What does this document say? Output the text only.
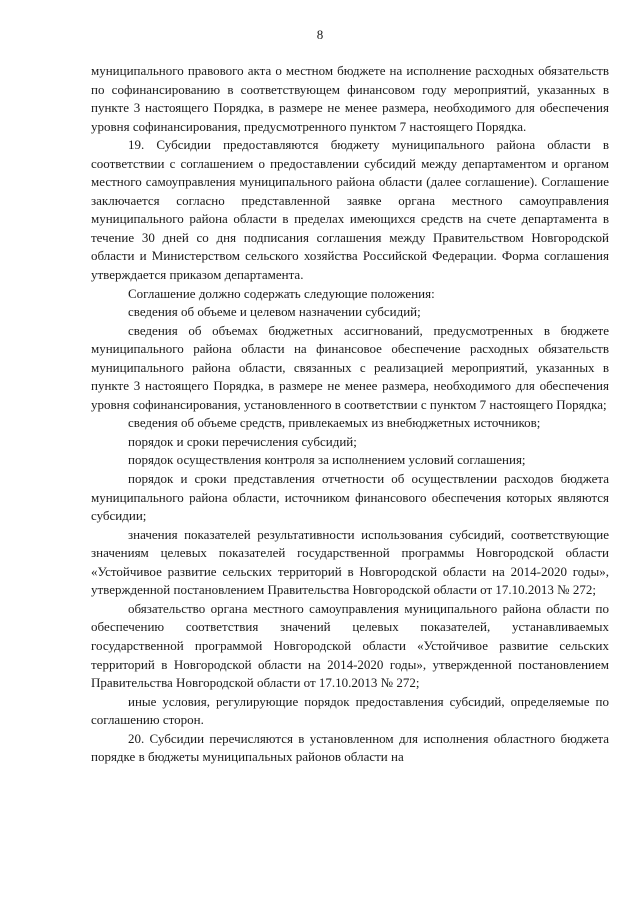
8

муниципального правового акта о местном бюджете на исполнение расходных обязательств по софинансированию в соответствующем финансовом году мероприятий, указанных в пункте 3 настоящего Порядка, в размере не менее размера, необходимого для обеспечения уровня софинансирования, предусмотренного пунктом 7 настоящего Порядка.

19. Субсидии предоставляются бюджету муниципального района области в соответствии с соглашением о предоставлении субсидий между департаментом и органом местного самоуправления муниципального района области (далее соглашение). Соглашение заключается согласно представленной заявке органа местного самоуправления муниципального района области в пределах имеющихся средств на счете департамента в течение 30 дней со дня подписания соглашения между Правительством Новгородской области и Министерством сельского хозяйства Российской Федерации. Форма соглашения утверждается приказом департамента.

Соглашение должно содержать следующие положения:

сведения об объеме и целевом назначении субсидий;

сведения об объемах бюджетных ассигнований, предусмотренных в бюджете муниципального района области на финансовое обеспечение расходных обязательств муниципального района области, связанных с реализацией мероприятий, указанных в пункте 3 настоящего Порядка, в размере не менее размера, необходимого для обеспечения уровня софинансирования, установленного в соответствии с пунктом 7 настоящего Порядка;

сведения об объеме средств, привлекаемых из внебюджетных источников;

порядок и сроки перечисления субсидий;

порядок осуществления контроля за исполнением условий соглашения;

порядок и сроки представления отчетности об осуществлении расходов бюджета муниципального района области, источником финансового обеспечения которых являются субсидии;

значения показателей результативности использования субсидий, соответствующие значениям целевых показателей государственной программы Новгородской области «Устойчивое развитие сельских территорий в Новгородской области на 2014-2020 годы», утвержденной постановлением Правительства Новгородской области от 17.10.2013 № 272;

обязательство органа местного самоуправления муниципального района области по обеспечению соответствия значений целевых показателей, устанавливаемых государственной программой Новгородской области «Устойчивое развитие сельских территорий в Новгородской области на 2014-2020 годы», утвержденной постановлением Правительства Новгородской области от 17.10.2013 № 272;

иные условия, регулирующие порядок предоставления субсидий, определяемые по соглашению сторон.

20. Субсидии перечисляются в установленном для исполнения областного бюджета порядке в бюджеты муниципальных районов области на
